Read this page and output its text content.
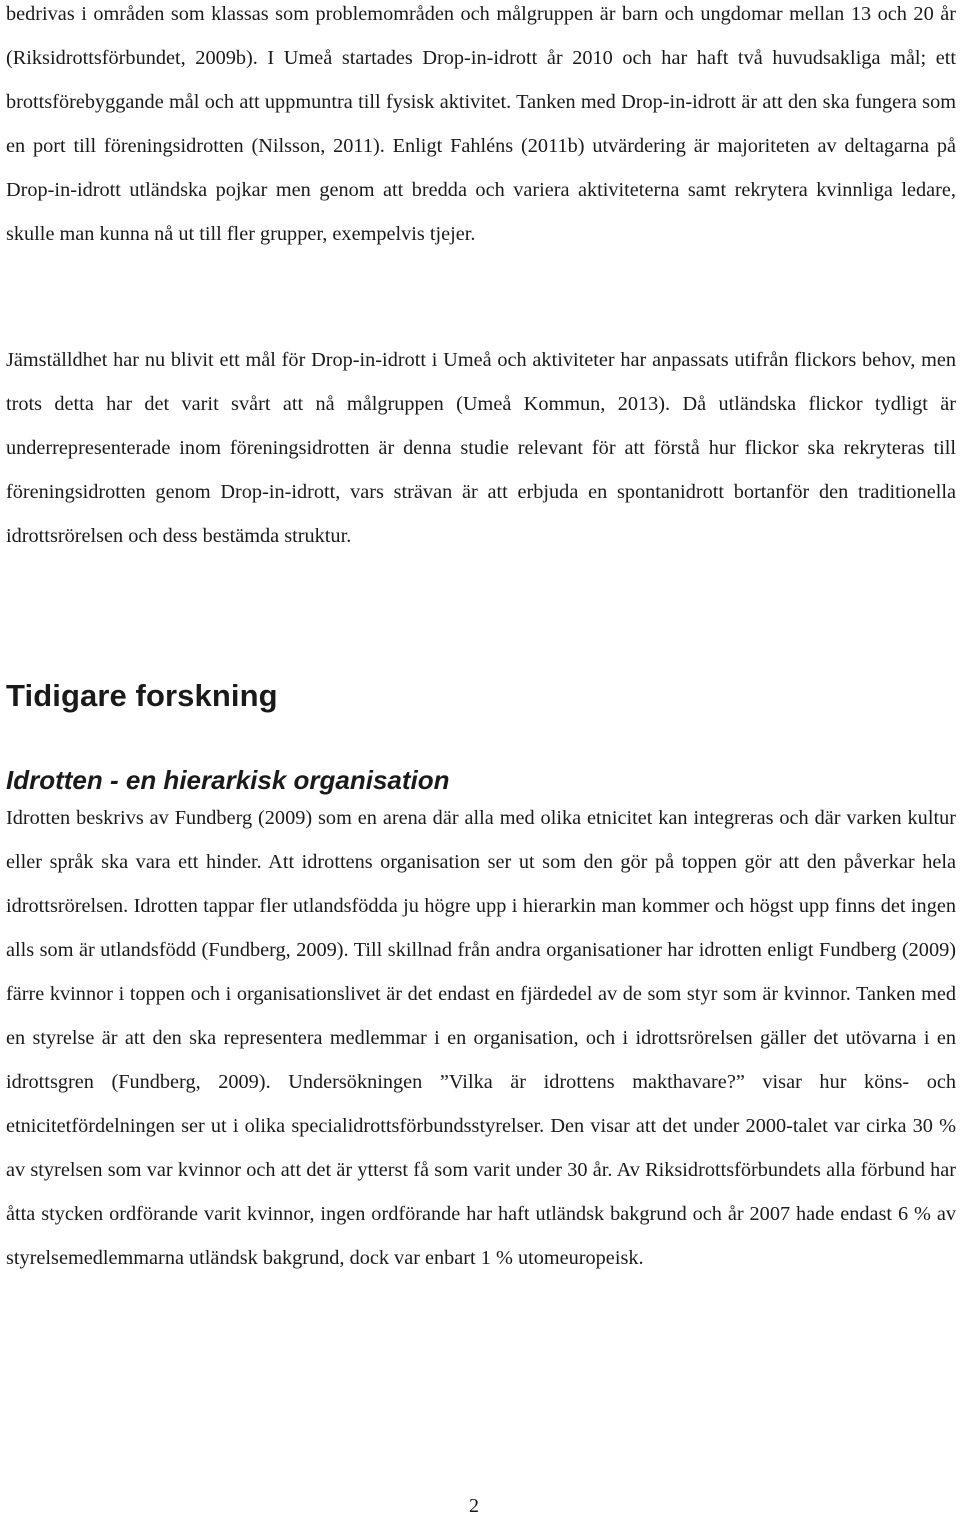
bedrivas i områden som klassas som problemområden och målgruppen är barn och ungdomar mellan 13 och 20 år (Riksidrottsförbundet, 2009b). I Umeå startades Drop-in-idrott år 2010 och har haft två huvudsakliga mål; ett brottsförebyggande mål och att uppmuntra till fysisk aktivitet. Tanken med Drop-in-idrott är att den ska fungera som en port till föreningsidrotten (Nilsson, 2011). Enligt Fahléns (2011b) utvärdering är majoriteten av deltagarna på Drop-in-idrott utländska pojkar men genom att bredda och variera aktiviteterna samt rekrytera kvinnliga ledare, skulle man kunna nå ut till fler grupper, exempelvis tjejer.

Jämställdhet har nu blivit ett mål för Drop-in-idrott i Umeå och aktiviteter har anpassats utifrån flickors behov, men trots detta har det varit svårt att nå målgruppen (Umeå Kommun, 2013). Då utländska flickor tydligt är underrepresenterade inom föreningsidrotten är denna studie relevant för att förstå hur flickor ska rekryteras till föreningsidrotten genom Drop-in-idrott, vars strävan är att erbjuda en spontanidrott bortanför den traditionella idrottsrörelsen och dess bestämda struktur.

Tidigare forskning
Idrotten - en hierarkisk organisation

Idrotten beskrivs av Fundberg (2009) som en arena där alla med olika etnicitet kan integreras och där varken kultur eller språk ska vara ett hinder. Att idrottens organisation ser ut som den gör på toppen gör att den påverkar hela idrottsrörelsen. Idrotten tappar fler utlandsfödda ju högre upp i hierarkin man kommer och högst upp finns det ingen alls som är utlandsfödd (Fundberg, 2009). Till skillnad från andra organisationer har idrotten enligt Fundberg (2009) färre kvinnor i toppen och i organisationslivet är det endast en fjärdedel av de som styr som är kvinnor. Tanken med en styrelse är att den ska representera medlemmar i en organisation, och i idrottsrörelsen gäller det utövarna i en idrottsgren (Fundberg, 2009). Undersökningen ”Vilka är idrottens makthavare?” visar hur köns- och etnicitetfördelningen ser ut i olika specialidrottsförbundsstyrelser. Den visar att det under 2000-talet var cirka 30 % av styrelsen som var kvinnor och att det är ytterst få som varit under 30 år. Av Riksidrottsförbundets alla förbund har åtta stycken ordförande varit kvinnor, ingen ordförande har haft utländsk bakgrund och år 2007 hade endast 6 % av styrelsemedlemmarna utländsk bakgrund, dock var enbart 1 % utomeuropeisk.

2
